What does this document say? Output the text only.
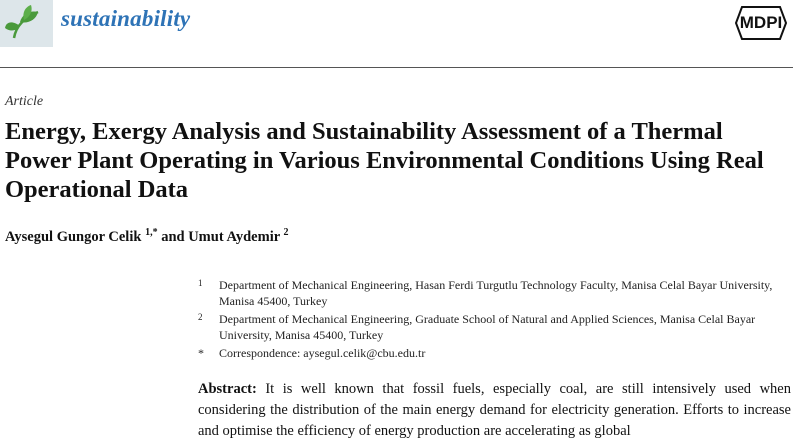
sustainability	MDPI
Article
Energy, Exergy Analysis and Sustainability Assessment of a Thermal Power Plant Operating in Various Environmental Conditions Using Real Operational Data
Aysegul Gungor Celik $^{1,*}$ and Umut Aydemir $^2$
1 Department of Mechanical Engineering, Hasan Ferdi Turgutlu Technology Faculty, Manisa Celal Bayar University, Manisa 45400, Turkey
2 Department of Mechanical Engineering, Graduate School of Natural and Applied Sciences, Manisa Celal Bayar University, Manisa 45400, Turkey
* Correspondence: aysegul.celik@cbu.edu.tr

Abstract: It is well known that fossil fuels, especially coal, are still intensively used when considering the distribution of the main energy demand for electricity generation. Efforts to increase and optimise the efficiency of energy production are accelerating as global
